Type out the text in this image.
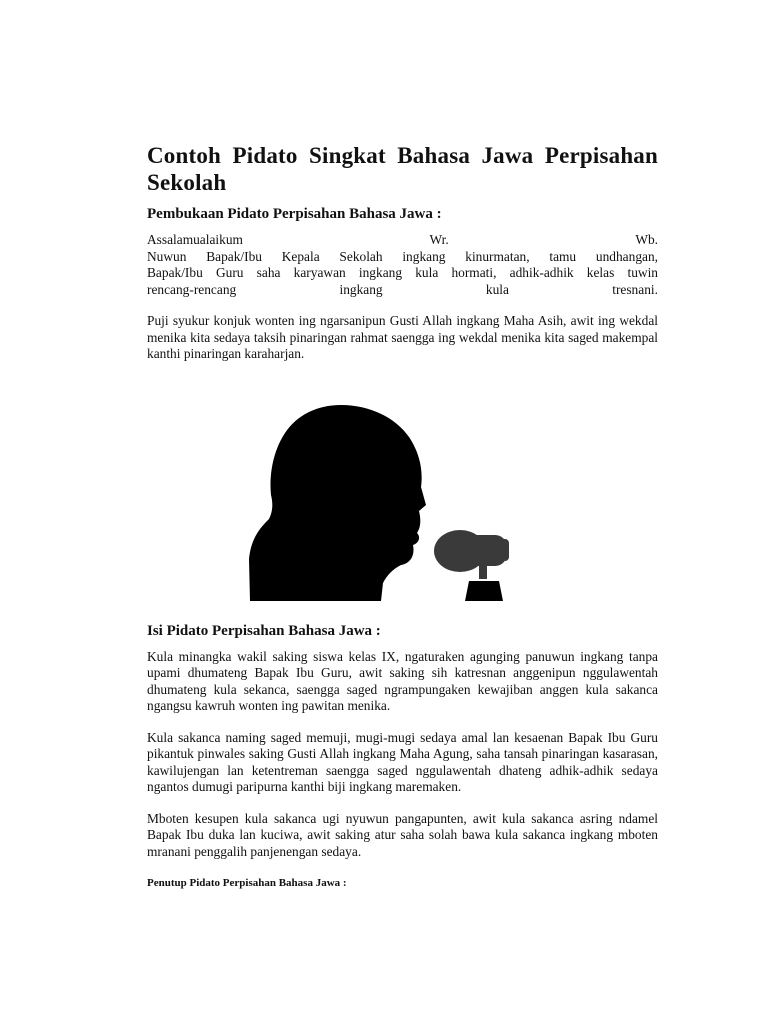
Contoh Pidato Singkat Bahasa Jawa Perpisahan Sekolah
Pembukaan Pidato Perpisahan Bahasa Jawa :
Assalamualaikum	Wr.	Wb.
Nuwun Bapak/Ibu Kepala Sekolah ingkang kinurmatan, tamu undhangan,
Bapak/Ibu Guru saha karyawan ingkang kula hormati, adhik-adhik kelas tuwin
rencang-rencang	ingkang	kula	tresnani.

Puji syukur konjuk wonten ing ngarsanipun Gusti Allah ingkang Maha Asih, awit ing wekdal menika kita sedaya taksih pinaringan rahmat saengga ing wekdal menika kita saged makempal kanthi pinaringan karaharjan.

Isi Pidato Perpisahan Bahasa Jawa :

Kula minangka wakil saking siswa kelas IX, ngaturaken agunging panuwun ingkang tanpa upami dhumateng Bapak Ibu Guru, awit saking sih katresnan anggenipun nggulawentah dhumateng kula sekanca, saengga saged ngrampungaken kewajiban anggen kula sakanca ngangsu kawruh wonten ing pawitan menika.

Kula sakanca naming saged memuji, mugi-mugi sedaya amal lan kesaenan Bapak Ibu Guru pikantuk pinwales saking Gusti Allah ingkang Maha Agung, saha tansah pinaringan kasarasan, kawilujengan lan ketentreman saengga saged nggulawentah dhateng adhik-adhik sedaya ngantos dumugi paripurna kanthi biji ingkang maremaken.

Mboten kesupen kula sakanca ugi nyuwun pangapunten, awit kula sakanca asring ndamel Bapak Ibu duka lan kuciwa, awit saking atur saha solah bawa kula sakanca ingkang mboten mranani penggalih panjenengan sedaya.

Penutup Pidato Perpisahan Bahasa Jawa :
